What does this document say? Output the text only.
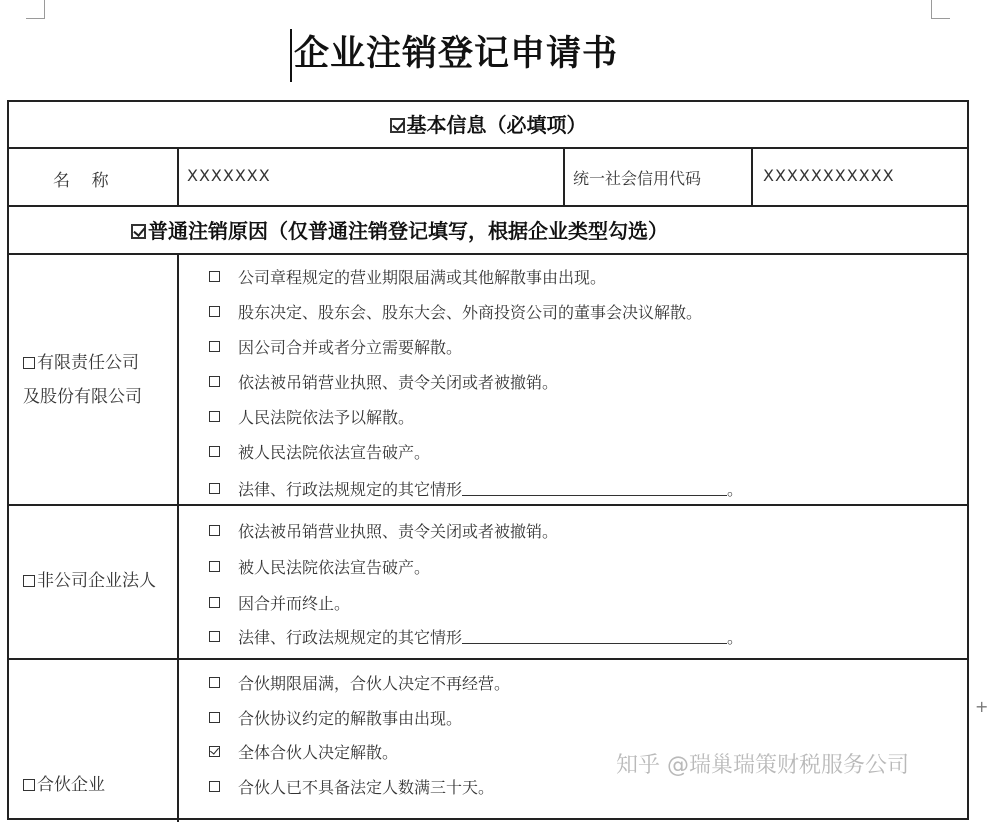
企业注销登记申请书
基本信息（必填项）
名    称	XXXXXXX	统一社会信用代码	XXXXXXXXXXX
普通注销原因（仅普通注销登记填写，根据企业类型勾选）
有限责任公司
及股份有限公司
公司章程规定的营业期限届满或其他解散事由出现。
股东决定、股东会、股东大会、外商投资公司的董事会决议解散。
因公司合并或者分立需要解散。
依法被吊销营业执照、责令关闭或者被撤销。
人民法院依法予以解散。
被人民法院依法宣告破产。
法律、行政法规规定的其它情形	。
非公司企业法人
依法被吊销营业执照、责令关闭或者被撤销。
被人民法院依法宣告破产。
因合并而终止。
法律、行政法规规定的其它情形	。
合伙企业
合伙期限届满，合伙人决定不再经营。
合伙协议约定的解散事由出现。
全体合伙人决定解散。
合伙人已不具备法定人数满三十天。
知乎 @瑞巢瑞策财税服务公司
+
